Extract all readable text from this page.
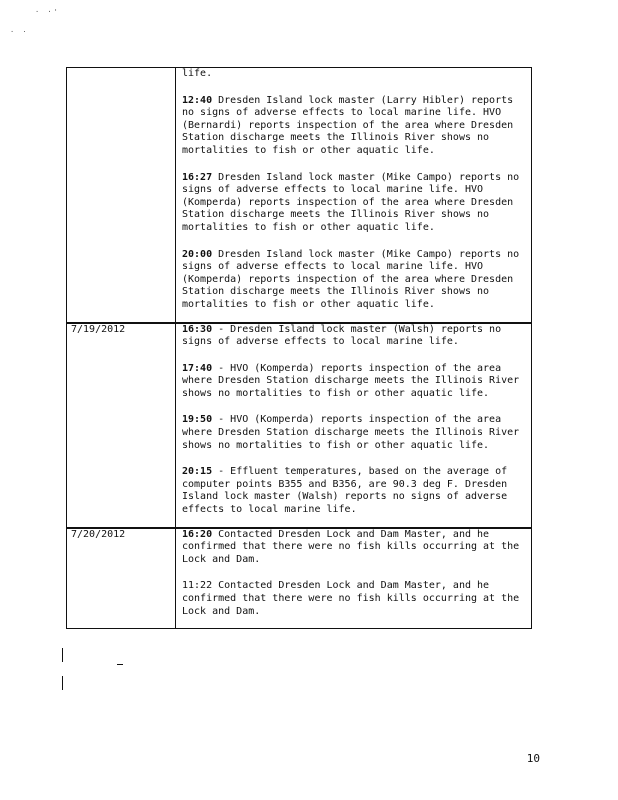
· ·'
. .

	life.
12:40 Dresden Island lock master (Larry Hibler) reports no signs of adverse effects to local marine life. HVO (Bernardi) reports inspection of the area where Dresden Station discharge meets the Illinois River shows no mortalities to fish or other aquatic life.
16:27 Dresden Island lock master (Mike Campo) reports no signs of adverse effects to local marine life. HVO (Komperda) reports inspection of the area where Dresden Station discharge meets the Illinois River shows no mortalities to fish or other aquatic life.
20:00 Dresden Island lock master (Mike Campo) reports no signs of adverse effects to local marine life. HVO (Komperda) reports inspection of the area where Dresden Station discharge meets the Illinois River shows no mortalities to fish or other aquatic life.

7/19/2012	16:30 - Dresden Island lock master (Walsh) reports no signs of adverse effects to local marine life.
17:40 - HVO (Komperda) reports inspection of the area where Dresden Station discharge meets the Illinois River shows no mortalities to fish or other aquatic life.
19:50 - HVO (Komperda) reports inspection of the area where Dresden Station discharge meets the Illinois River shows no mortalities to fish or other aquatic life.
20:15 - Effluent temperatures, based on the average of computer points B355 and B356, are 90.3 deg F. Dresden Island lock master (Walsh) reports no signs of adverse effects to local marine life.

7/20/2012	16:20 Contacted Dresden Lock and Dam Master, and he confirmed that there were no fish kills occurring at the Lock and Dam.
11:22 Contacted Dresden Lock and Dam Master, and he confirmed that there were no fish kills occurring at the Lock and Dam.
10
